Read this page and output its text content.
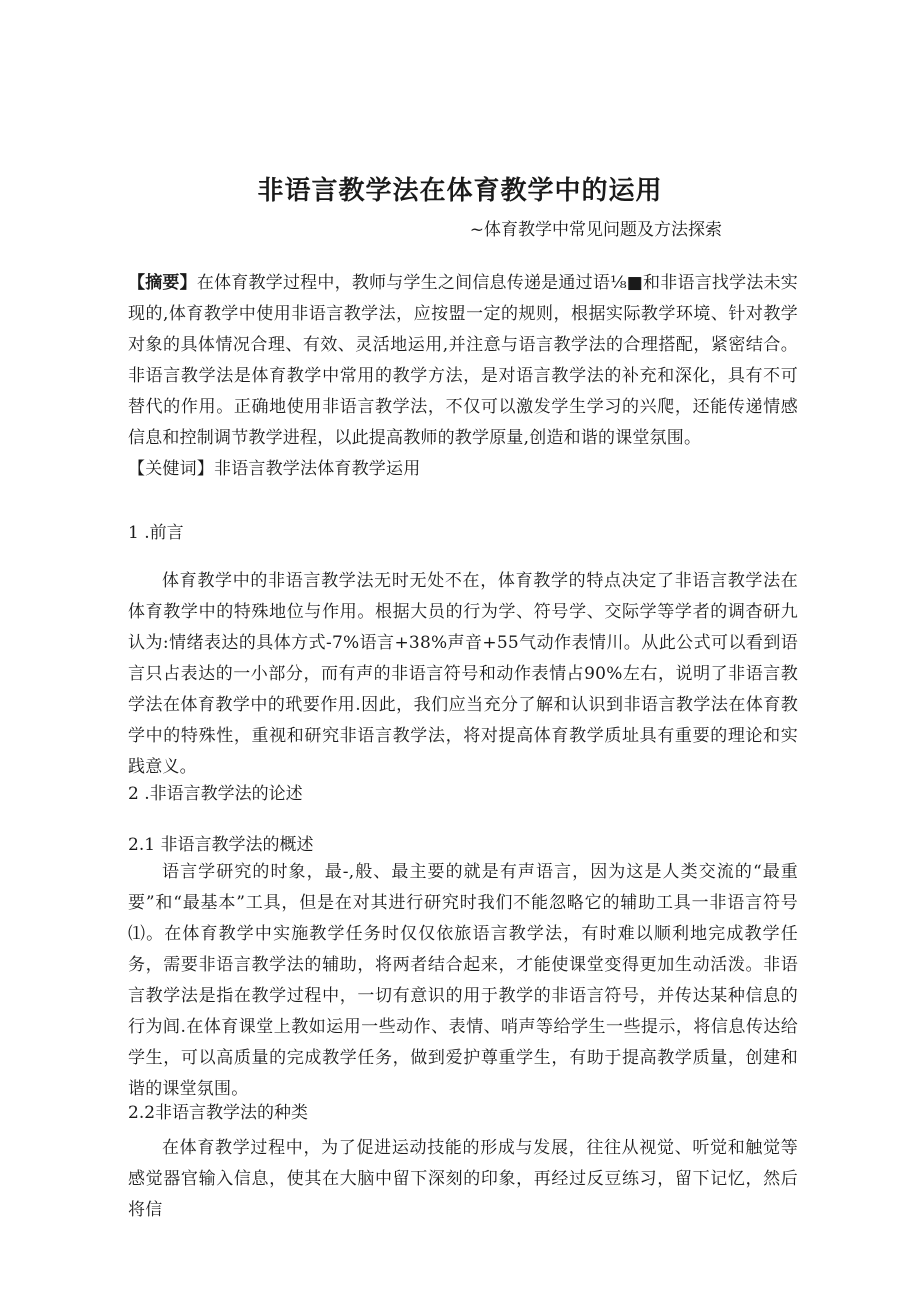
非语言教学法在体育教学中的运用
~体育教学中常见问题及方法探索

【摘要】在体育教学过程中，教师与学生之间信息传递是通过语⅛■和非语言找学法未实现的,体育教学中使用非语言教学法，应按盟一定的规则，根据实际教学环境、针对教学对象的具体情况合理、有效、灵活地运用,并注意与语言教学法的合理搭配，紧密结合。非语言教学法是体育教学中常用的教学方法，是对语言教学法的补充和深化，具有不可替代的作用。正确地使用非语言教学法，不仅可以激发学生学习的兴爬，还能传递情感信息和控制调节教学进程，以此提高教师的教学原量,创造和谐的课堂氛围。

【关健词】非语言教学法体育教学运用

1 .前言

体育教学中的非语言教学法无时无处不在，体育教学的特点决定了非语言教学法在体育教学中的特殊地位与作用。根据大员的行为学、符号学、交际学等学者的调杳研九认为:情绪表达的具体方式-7%语言+38%声音+55气动作表情川。从此公式可以看到语言只占表达的一小部分，而有声的非语言符号和动作表情占90%左右，说明了非语言教学法在体育教学中的玳要作用.因此，我们应当充分了解和认识到非语言教学法在体育教学中的特殊性，重视和研究非语言教学法，将对提高体育教学质址具有重要的理论和实践意义。

2 .非语言教学法的论述
2.1 非语言教学法的概述

语言学研究的时象，最-,般、最主要的就是有声语言，因为这是人类交流的“最重要”和“最基本”工具，但是在对其进行研究时我们不能忽略它的辅助工具一非语言符号⑴。在体育教学中实施教学任务时仅仅依旅语言教学法，有时难以顺利地完成教学任务，需要非语言教学法的辅助，将两者结合起来，才能使课堂变得更加生动活泼。非语言教学法是指在教学过程中，一切有意识的用于教学的非语言符号，并传达某种信息的行为闾.在体育课堂上教如运用一些动作、表情、哨声等给学生一些提示，将信息传达给学生，可以高质量的完成教学任务，做到爱护尊重学生，有助于提高教学质量，创建和谐的课堂氛围。

2.2非语言教学法的种类

在体育教学过程中，为了促进运动技能的形成与发展，往往从视觉、听觉和触觉等感觉器官输入信息，使其在大脑中留下深刻的印象，再经过反豆练习，留下记忆，然后将信
